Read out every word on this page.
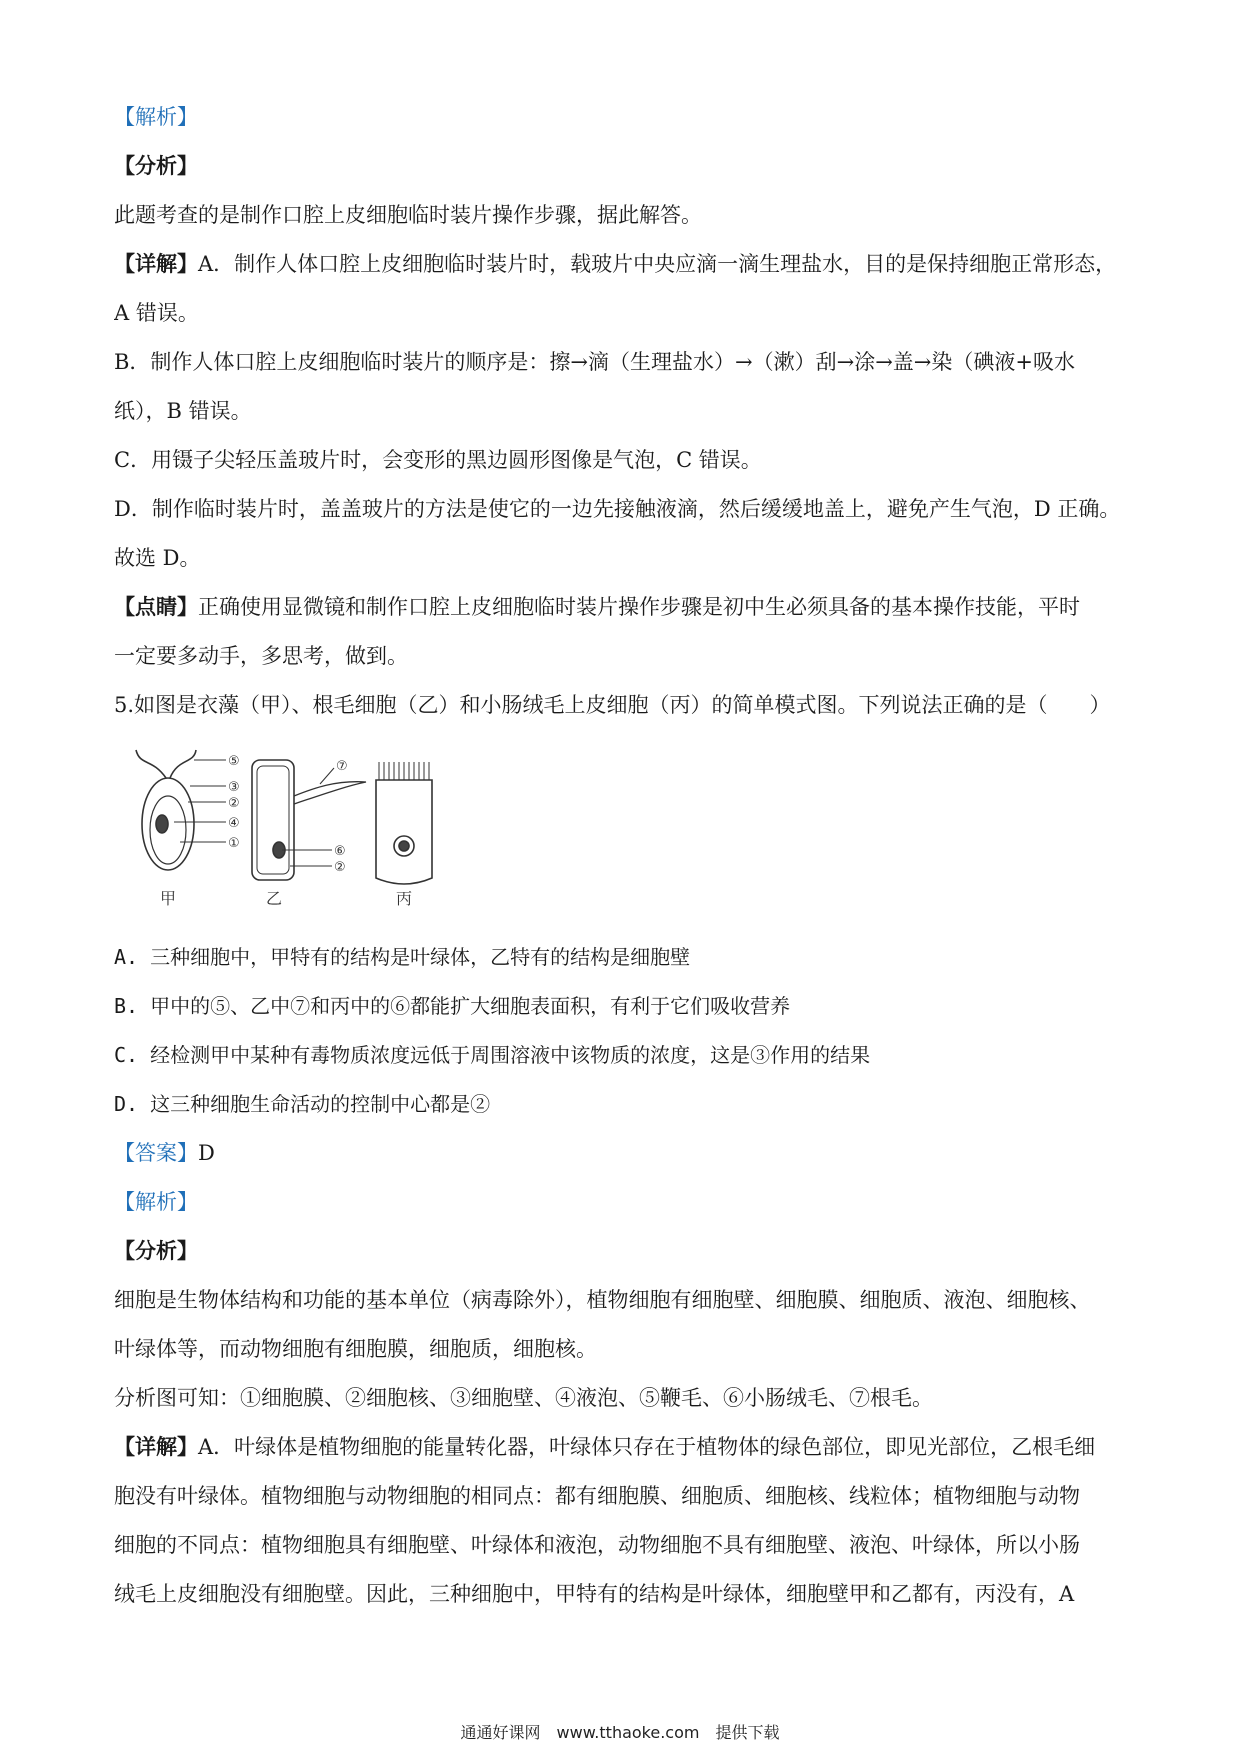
【解析】
【分析】
此题考查的是制作口腔上皮细胞临时装片操作步骤，据此解答。
【详解】A．制作人体口腔上皮细胞临时装片时，载玻片中央应滴一滴生理盐水，目的是保持细胞正常形态，
A 错误。
B．制作人体口腔上皮细胞临时装片的顺序是：擦→滴（生理盐水）→（漱）刮→涂→盖→染（碘液+吸水
纸），B 错误。
C．用镊子尖轻压盖玻片时，会变形的黑边圆形图像是气泡，C 错误。
D．制作临时装片时，盖盖玻片的方法是使它的一边先接触液滴，然后缓缓地盖上，避免产生气泡，D 正确。
故选 D。
【点睛】正确使用显微镜和制作口腔上皮细胞临时装片操作步骤是初中生必须具备的基本操作技能，平时
一定要多动手，多思考，做到。
5.如图是衣藻（甲）、根毛细胞（乙）和小肠绒毛上皮细胞（丙）的简单模式图。下列说法正确的是（　　）
⑤
③
②
④
①
⑦
⑥
②
甲	乙	丙
A. 三种细胞中，甲特有的结构是叶绿体，乙特有的结构是细胞壁
B. 甲中的⑤、乙中⑦和丙中的⑥都能扩大细胞表面积，有利于它们吸收营养
C. 经检测甲中某种有毒物质浓度远低于周围溶液中该物质的浓度，这是③作用的结果
D. 这三种细胞生命活动的控制中心都是②
【答案】D
【解析】
【分析】
细胞是生物体结构和功能的基本单位（病毒除外），植物细胞有细胞壁、细胞膜、细胞质、液泡、细胞核、
叶绿体等，而动物细胞有细胞膜，细胞质，细胞核。
分析图可知：①细胞膜、②细胞核、③细胞壁、④液泡、⑤鞭毛、⑥小肠绒毛、⑦根毛。
【详解】A．叶绿体是植物细胞的能量转化器，叶绿体只存在于植物体的绿色部位，即见光部位，乙根毛细
胞没有叶绿体。植物细胞与动物细胞的相同点：都有细胞膜、细胞质、细胞核、线粒体；植物细胞与动物
细胞的不同点：植物细胞具有细胞壁、叶绿体和液泡，动物细胞不具有细胞壁、液泡、叶绿体，所以小肠
绒毛上皮细胞没有细胞壁。因此，三种细胞中，甲特有的结构是叶绿体，细胞壁甲和乙都有，丙没有，A
通通好课网　www.tthaoke.com　提供下载
